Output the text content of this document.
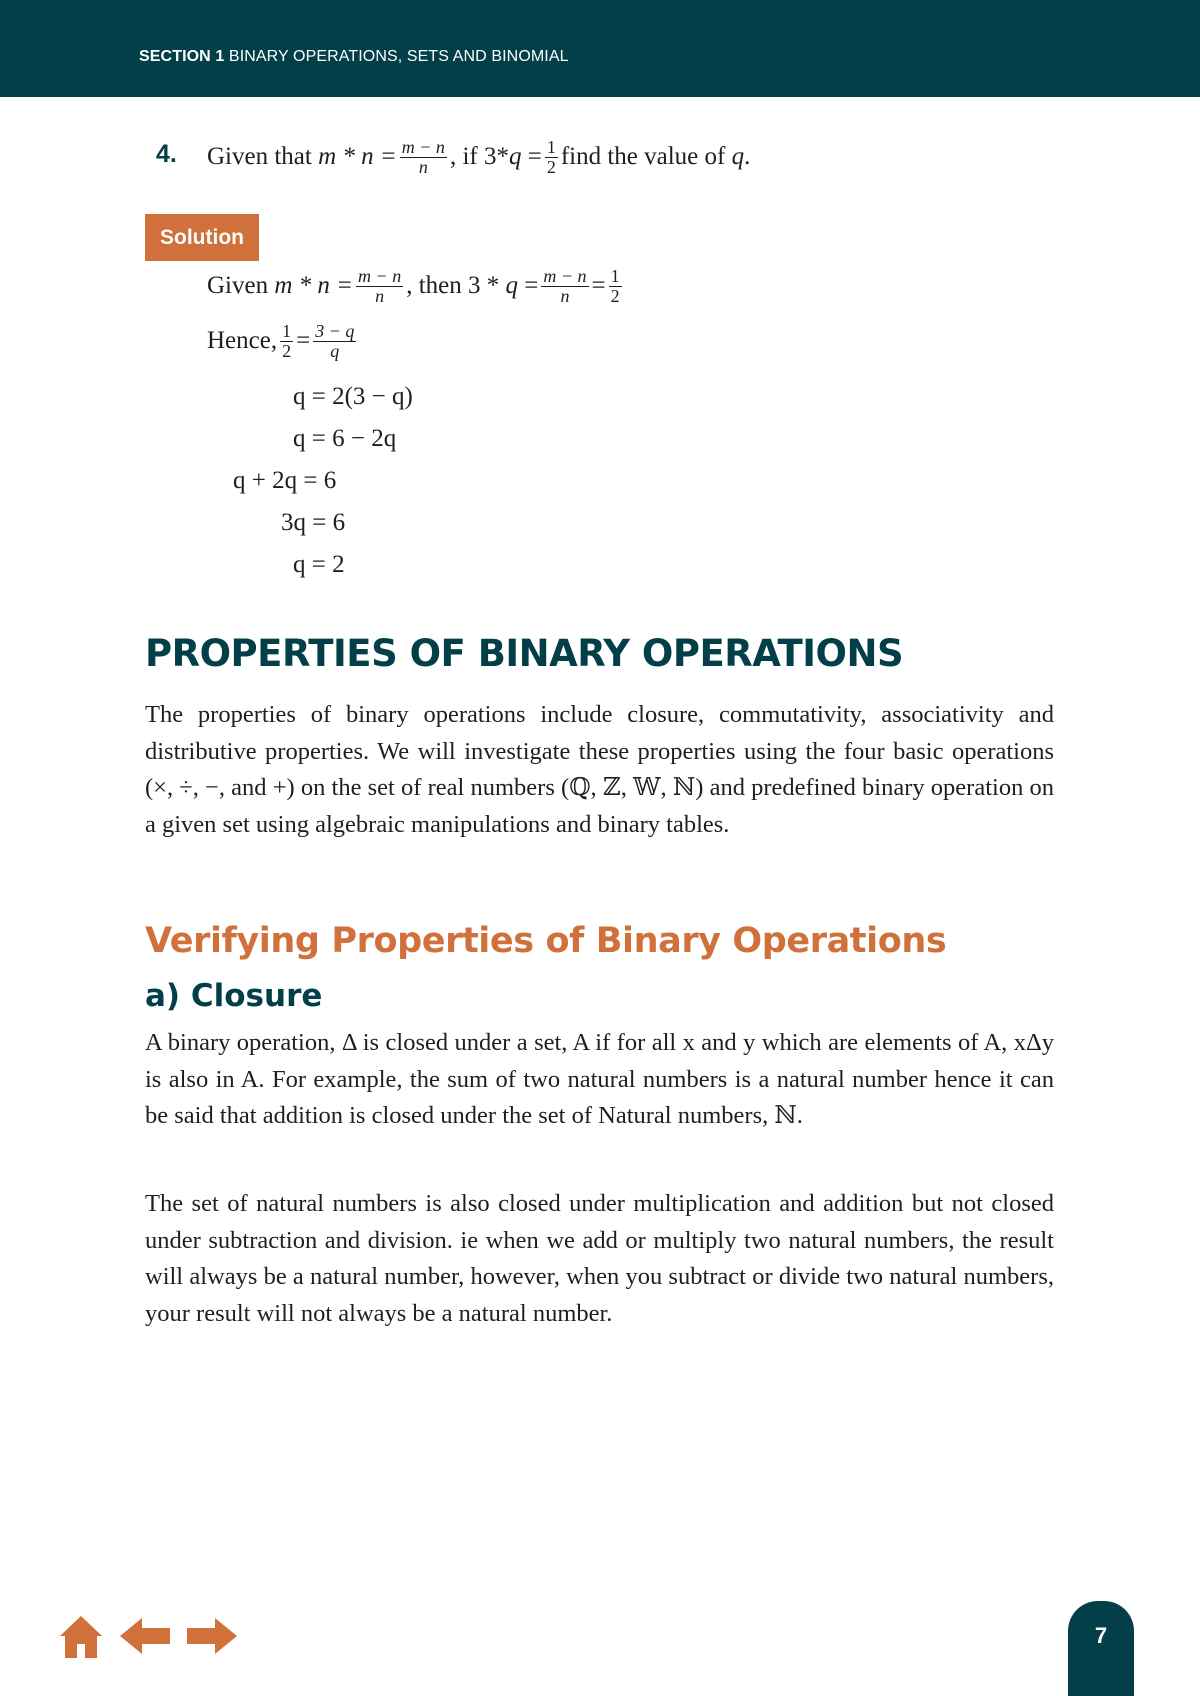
SECTION 1 BINARY OPERATIONS, SETS AND BINOMIAL
4. Given that
$m * n = \frac{m - n}{n}$ , if 3* q
= $\frac{1}{2}$ find the value of
q .
Solution
Given
$m * n = \frac{m - n}{n}$ , then 3 *
q
= $\frac{m - n}{n} = \frac{1}{2}$
Hence, $\frac{1}{2} = \frac{3 - q}{q}$
q = 2(3 − q)
q = 6 − 2q
q + 2q = 6
3q = 6
q = 2
PROPERTIES OF BINARY OPERATIONS
The properties of binary operations include closure, commutativity, associativity and distributive properties. We will investigate these properties using the four basic operations (×, ÷, −, and +) on the set of real numbers (ℚ, ℤ, 𝕎, ℕ) and predefined binary operation on a given set using algebraic manipulations and binary tables.
Verifying Properties of Binary Operations
a) Closure
A binary operation, Δ is closed under a set, A if for all x and y which are elements of A, xΔy is also in A. For example, the sum of two natural numbers is a natural number hence it can be said that addition is closed under the set of Natural numbers, ℕ.
The set of natural numbers is also closed under multiplication and addition but not closed under subtraction and division. ie when we add or multiply two natural numbers, the result will always be a natural number, however, when you subtract or divide two natural numbers, your result will not always be a natural number.
7
